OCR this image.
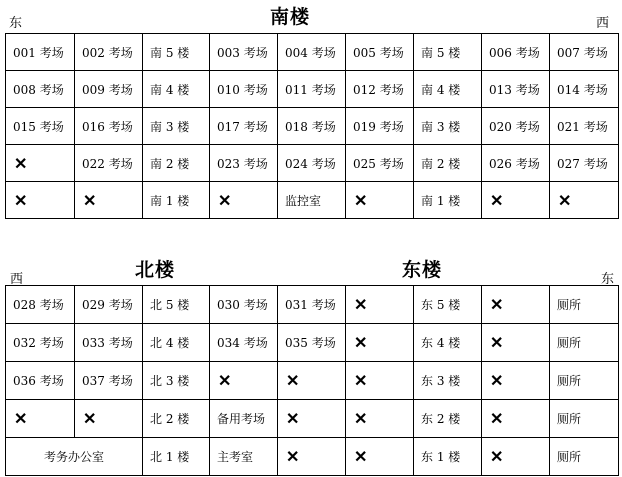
南楼
东	西
001 考场	002 考场	南 5 楼	003 考场	004 考场	005 考场	南 5 楼	006 考场	007 考场
008 考场	009 考场	南 4 楼	010 考场	011 考场	012 考场	南 4 楼	013 考场	014 考场
015 考场	016 考场	南 3 楼	017 考场	018 考场	019 考场	南 3 楼	020 考场	021 考场
✕	022 考场	南 2 楼	023 考场	024 考场	025 考场	南 2 楼	026 考场	027 考场
✕	✕	南 1 楼	✕	监控室	✕	南 1 楼	✕	✕
北楼	东楼
西	东
028 考场	029 考场	北 5 楼	030 考场	031 考场	✕	东 5 楼	✕	厕所
032 考场	033 考场	北 4 楼	034 考场	035 考场	✕	东 4 楼	✕	厕所
036 考场	037 考场	北 3 楼	✕	✕	✕	东 3 楼	✕	厕所
✕	✕	北 2 楼	备用考场	✕	✕	东 2 楼	✕	厕所
考务办公室		北 1 楼	主考室	✕	✕	东 1 楼	✕	厕所
